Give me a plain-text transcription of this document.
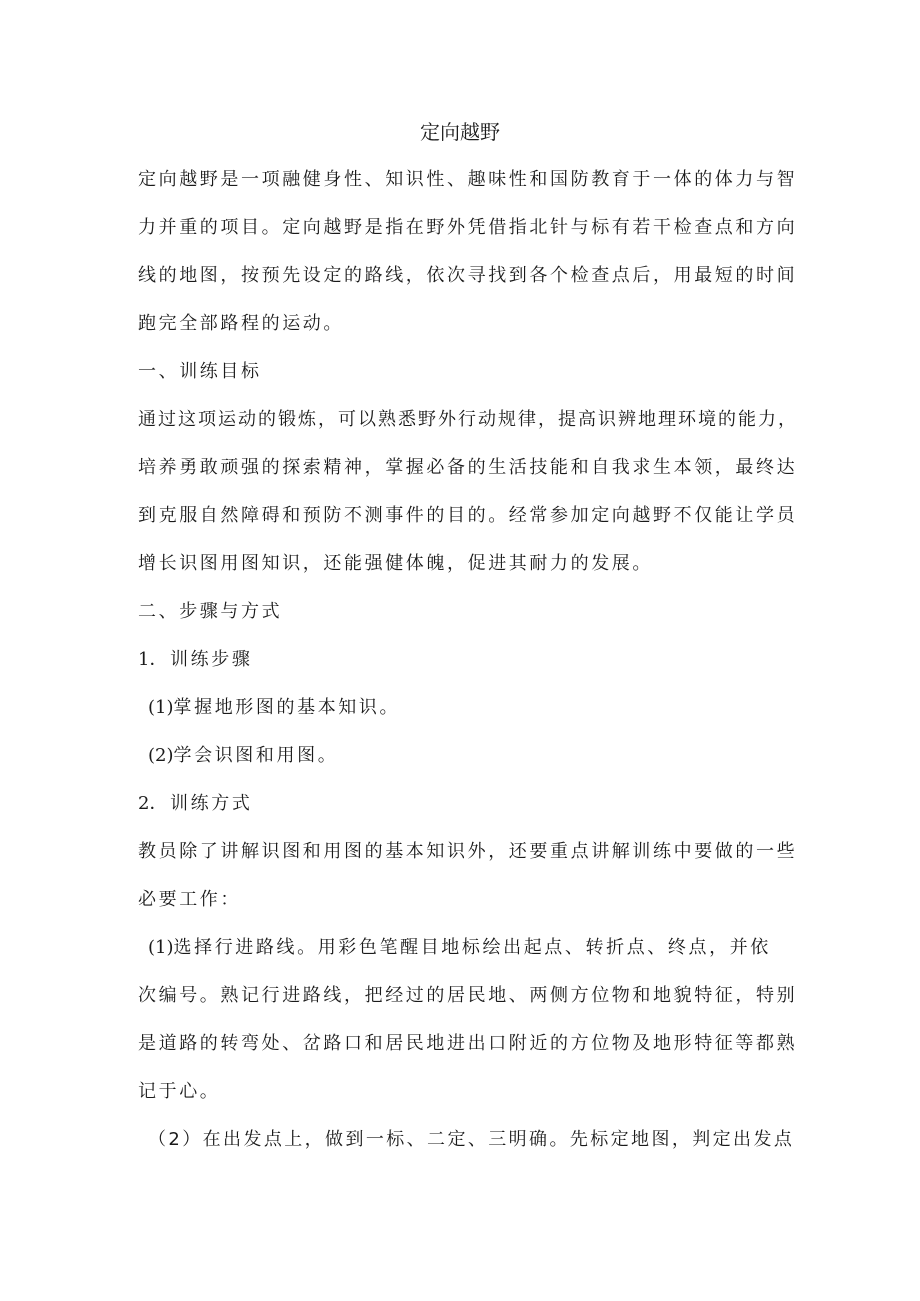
定向越野
定向越野是一项融健身性、知识性、趣味性和国防教育于一体的体力与智
力并重的项目。定向越野是指在野外凭借指北针与标有若干检查点和方向
线的地图，按预先设定的路线，依次寻找到各个检查点后，用最短的时间
跑完全部路程的运动。
一、训练目标
通过这项运动的锻炼，可以熟悉野外行动规律，提高识辨地理环境的能力，
培养勇敢顽强的探索精神，掌握必备的生活技能和自我求生本领，最终达
到克服自然障碍和预防不测事件的目的。经常参加定向越野不仅能让学员
增长识图用图知识，还能强健体魄，促进其耐力的发展。
二、步骤与方式
1．训练步骤
(1)掌握地形图的基本知识。
(2)学会识图和用图。
2．训练方式
教员除了讲解识图和用图的基本知识外，还要重点讲解训练中要做的一些
必要工作：
(1)选择行进路线。用彩色笔醒目地标绘出起点、转折点、终点，并依
次编号。熟记行进路线，把经过的居民地、两侧方位物和地貌特征，特别
是道路的转弯处、岔路口和居民地进出口附近的方位物及地形特征等都熟
记于心。
（2）在出发点上，做到一标、二定、三明确。先标定地图，判定出发点
